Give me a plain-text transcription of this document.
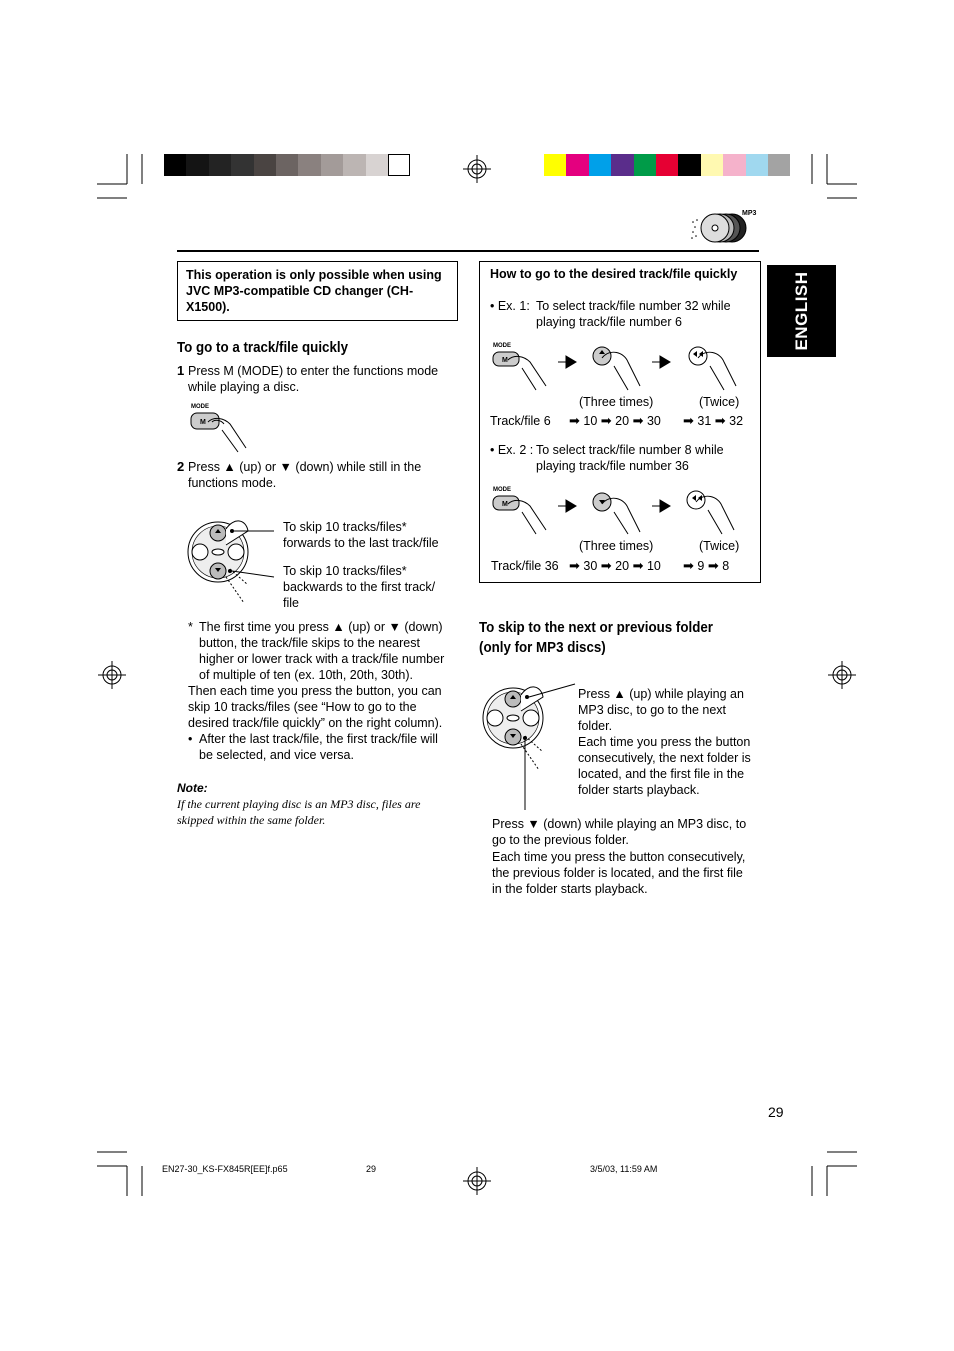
MP3
ENGLISH
This operation is only possible when using JVC MP3-compatible CD changer (CH-X1500).
To go to a track/file quickly
1 Press M (MODE) to enter the functions mode while playing a disc.
MODE
M
2 Press ▲ (up) or ▼ (down) while still in the functions mode.
To skip 10 tracks/files* forwards to the last track/file
To skip 10 tracks/files* backwards to the first track/ file
* The first time you press ▲ (up) or ▼ (down) button, the track/file skips to the nearest higher or lower track with a track/file number of multiple of ten (ex. 10th, 20th, 30th).
Then each time you press the button, you can skip 10 tracks/files (see “How to go to the desired track/file quickly” on the right column).
• After the last track/file, the first track/file will be selected, and vice versa.
Note:
If the current playing disc is an MP3 disc, files are skipped within the same folder.
How to go to the desired track/file quickly
• Ex. 1: To select track/file number 32 while playing track/file number 6
MODE
M
(Three times)	(Twice)
Track/file 6 ➡ 10 ➡ 20 ➡ 30 ➡ 31 ➡ 32
• Ex. 2 : To select track/file number 8 while playing track/file number 36
MODE
M
(Three times)	(Twice)
Track/file 36 ➡ 30 ➡ 20 ➡ 10 ➡ 9 ➡ 8
To skip to the next or previous folder
(only for MP3 discs)
Press ▲ (up) while playing an MP3 disc, to go to the next folder.
Each time you press the button consecutively, the next folder is located, and the first file in the folder starts playback.
Press ▼ (down) while playing an MP3 disc, to go to the previous folder.
Each time you press the button consecutively, the previous folder is located, and the first file in the folder starts playback.
29
EN27-30_KS-FX845R[EE]f.p65	29	3/5/03, 11:59 AM
